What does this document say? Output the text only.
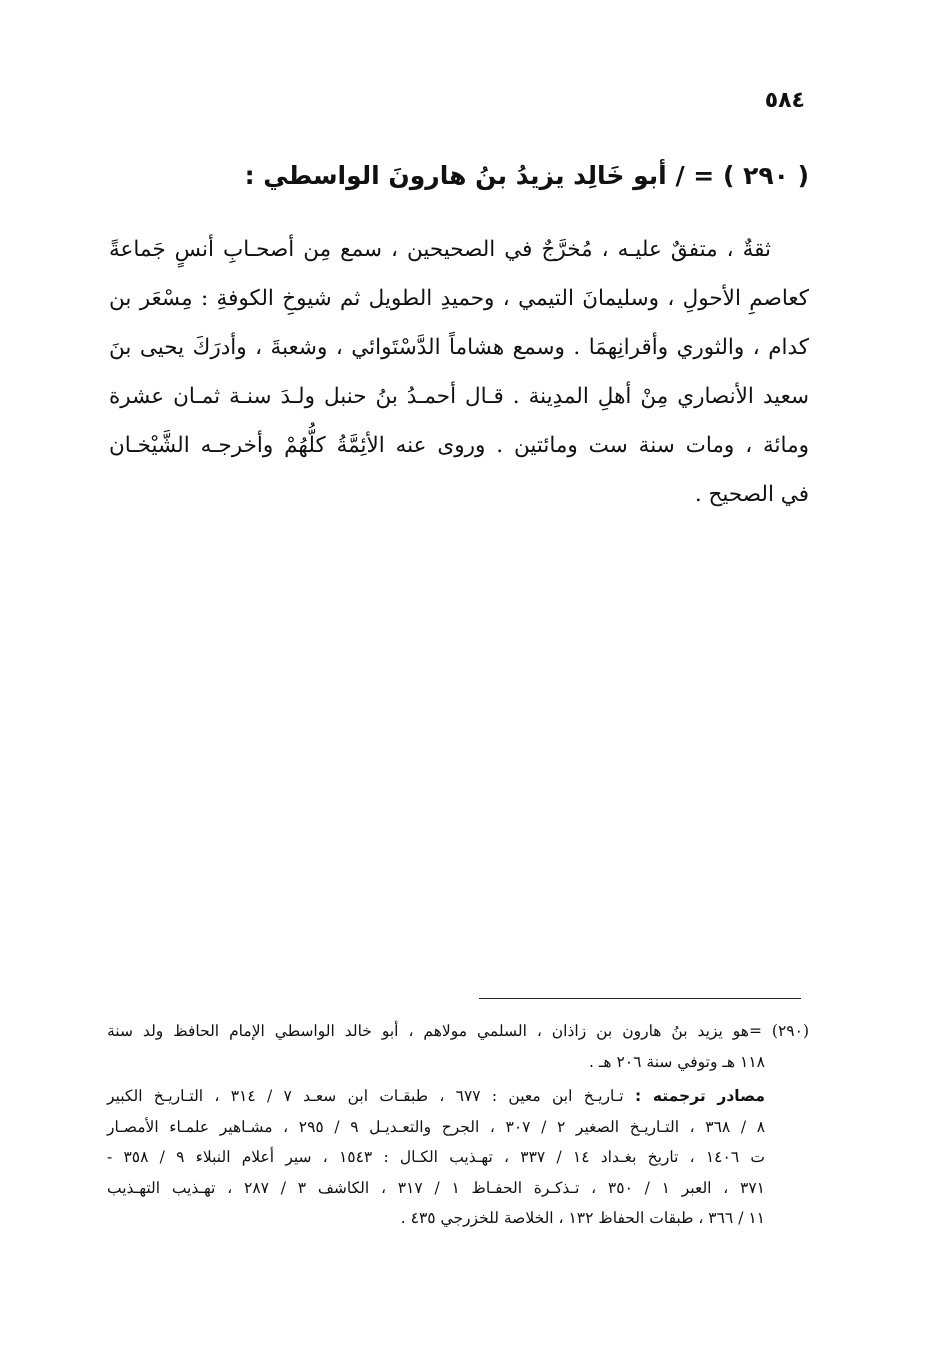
٥٨٤
( ٢٩٠ ) = / أبو خَالِد يزيدُ بنُ هارونَ الواسطي :
ثقةٌ ، متفقٌ عليـه ، مُخرَّجٌ في الصحيحين ، سمع مِن أصحـابِ أنسٍ جَماعةً
كعاصمِ الأحولِ ، وسليمانَ التيمي ، وحميدِ الطويل ثم شيوخِ الكوفةِ : مِسْعَر بن
كدام ، والثوري وأقرانِهمَا . وسمع هشاماً الدَّسْتَوائي ، وشعبةَ ، وأدرَكَ يحيى بنَ
سعيد الأنصاري مِنْ أهلِ المدِينة . قـال أحمـدُ بنُ حنبل ولـدَ سنـة ثمـان عشرة
ومائة ، ومات سنة ست ومائتين . وروى عنه الأئِمَّةُ كلُّهُمْ وأخرجـه الشَّيْخـان
في الصحيح .
(٢٩٠) =هو يزيد بنُ هارون بن زاذان ، السلمي مولاهم ، أبو خالد الواسطي الإمام الحافظ ولد سنة
١١٨ هـ وتوفي سنة ٢٠٦ هـ .
مصادر ترجمته : تـاريـخ ابن معين : ٦٧٧ ، طبقـات ابن سعـد ٧ / ٣١٤ ، التـاريـخ الكبير
٨ / ٣٦٨ ، التـاريـخ الصغير ٢ / ٣٠٧ ، الجرح والتعـديـل ٩ / ٢٩٥ ، مشـاهير علمـاء الأمصـار
ت ١٤٠٦ ، تاريخ بغـداد ١٤ / ٣٣٧ ، تهـذيب الكـال : ١٥٤٣ ، سير أعلام النبلاء ٩ / ٣٥٨ -
٣٧١ ، العبر ١ / ٣٥٠ ، تـذكـرة الحفـاظ ١ / ٣١٧ ، الكاشف ٣ / ٢٨٧ ، تهـذيب التهـذيب
١١ / ٣٦٦ ، طبقات الحفاظ ١٣٢ ، الخلاصة للخزرجي ٤٣٥ .
